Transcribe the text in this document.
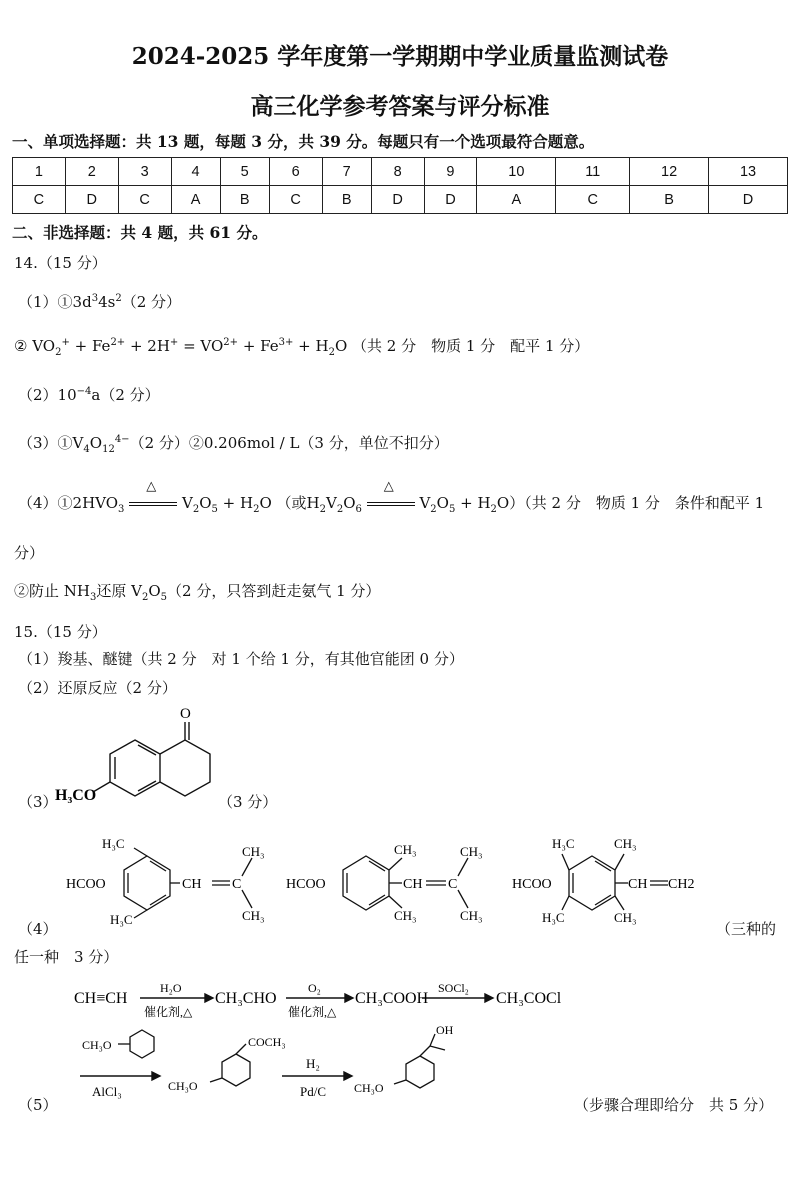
2024-2025 学年度第一学期期中学业质量监测试卷
高三化学参考答案与评分标准
一、单项选择题：共 13 题，每题 3 分，共 39 分。每题只有一个选项最符合题意。
1	2	3	4	5	6	7	8	9	10	11	12	13
C	D	C	A	B	C	B	D	D	A	C	B	D
二、非选择题：共 4 题，共 61 分。
14.（15 分）
$(1)①3d^34s^2(2$ 分）
② $VO_2^+ + Fe^{2+} + 2H^+ = VO^{2+} + Fe^{3+} + H_2O$ （共 2 分　物质 1 分　配平 1 分）
$(2)10^{-4}a(2$ 分）
$(3)①V_4O_{12}^{4-}(2$ 分）②0.206mol / L（3 分，单位不扣分）
$(4)①2HVO_3$
△
$V_2O_5 + H_2O$ （或$H_2V_2O_6$
△
$V_2O_5 + H_2O$）（共 2 分　物质 1 分　条件和配平 1
分）
②防止 $NH_3$还原 $V_2O_5(2$ 分，只答到赶走氨气 1 分）
15.（15 分）
（1）羧基、醚键（共 2 分　对 1 个给 1 分，有其他官能团 0 分）
（2）还原反应（2 分）
（3）
O
H₃CO	（3 分）
（4）
H₃C
HCOO
H₃C
CH C
CH₃
CH₃
HCOO
CH₃
CH₃
CH C
CH₃
CH₃
H₃C	CH₃
HCOO	CH CH2
H₃C	CH₃
（三种的
任一种　3 分）
CH≡CH
H₂O
催化剂,△
CH₃CHO
O₂
催化剂,△
CH₃COOH
SOCl₂
CH₃COCl
CH₃O
AlCl₃
COCH₃
CH₃O
H₂
Pd/C
OH
CH₃O
（5）	（步骤合理即给分　共 5 分）
